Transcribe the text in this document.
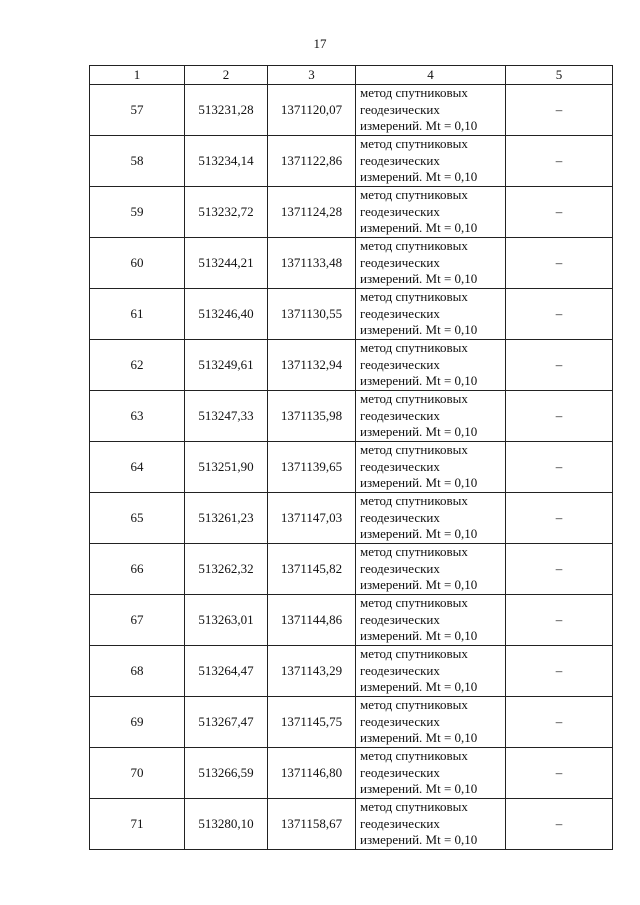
17
1	2	3	4	5
57	513231,28	1371120,07	метод спутниковых
геодезических
измерений. Mt = 0,10	–
58	513234,14	1371122,86	метод спутниковых
геодезических
измерений. Mt = 0,10	–
59	513232,72	1371124,28	метод спутниковых
геодезических
измерений. Mt = 0,10	–
60	513244,21	1371133,48	метод спутниковых
геодезических
измерений. Mt = 0,10	–
61	513246,40	1371130,55	метод спутниковых
геодезических
измерений. Mt = 0,10	–
62	513249,61	1371132,94	метод спутниковых
геодезических
измерений. Mt = 0,10	–
63	513247,33	1371135,98	метод спутниковых
геодезических
измерений. Mt = 0,10	–
64	513251,90	1371139,65	метод спутниковых
геодезических
измерений. Mt = 0,10	–
65	513261,23	1371147,03	метод спутниковых
геодезических
измерений. Mt = 0,10	–
66	513262,32	1371145,82	метод спутниковых
геодезических
измерений. Mt = 0,10	–
67	513263,01	1371144,86	метод спутниковых
геодезических
измерений. Mt = 0,10	–
68	513264,47	1371143,29	метод спутниковых
геодезических
измерений. Mt = 0,10	–
69	513267,47	1371145,75	метод спутниковых
геодезических
измерений. Mt = 0,10	–
70	513266,59	1371146,80	метод спутниковых
геодезических
измерений. Mt = 0,10	–
71	513280,10	1371158,67	метод спутниковых
геодезических
измерений. Mt = 0,10	–
